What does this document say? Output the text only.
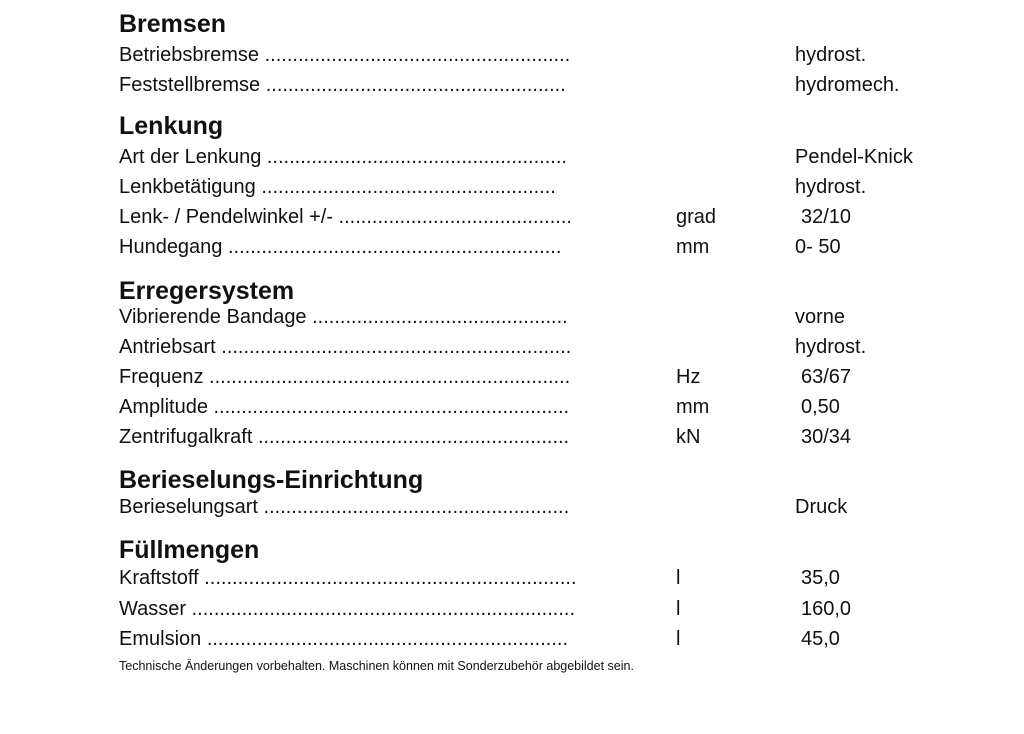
Bremsen
Betriebsbremse .......................................................	hydrost.
Feststellbremse ......................................................	hydromech.
Lenkung
Art der Lenkung ......................................................	Pendel-Knick
Lenkbetätigung .....................................................	hydrost.
Lenk- / Pendelwinkel +/- ..........................................	grad	32/10
Hundegang ............................................................	mm	0- 50
Erregersystem
Vibrierende Bandage ..............................................	vorne
Antriebsart ...............................................................	hydrost.
Frequenz .................................................................	Hz	63/67
Amplitude ................................................................	mm	0,50
Zentrifugalkraft ........................................................	kN	30/34
Berieselungs-Einrichtung
Berieselungsart .......................................................	Druck
Füllmengen
Kraftstoff ...................................................................	l	35,0
Wasser .....................................................................	l	160,0
Emulsion .................................................................	l	45,0
Technische Änderungen vorbehalten. Maschinen können mit Sonderzubehör abgebildet sein.
